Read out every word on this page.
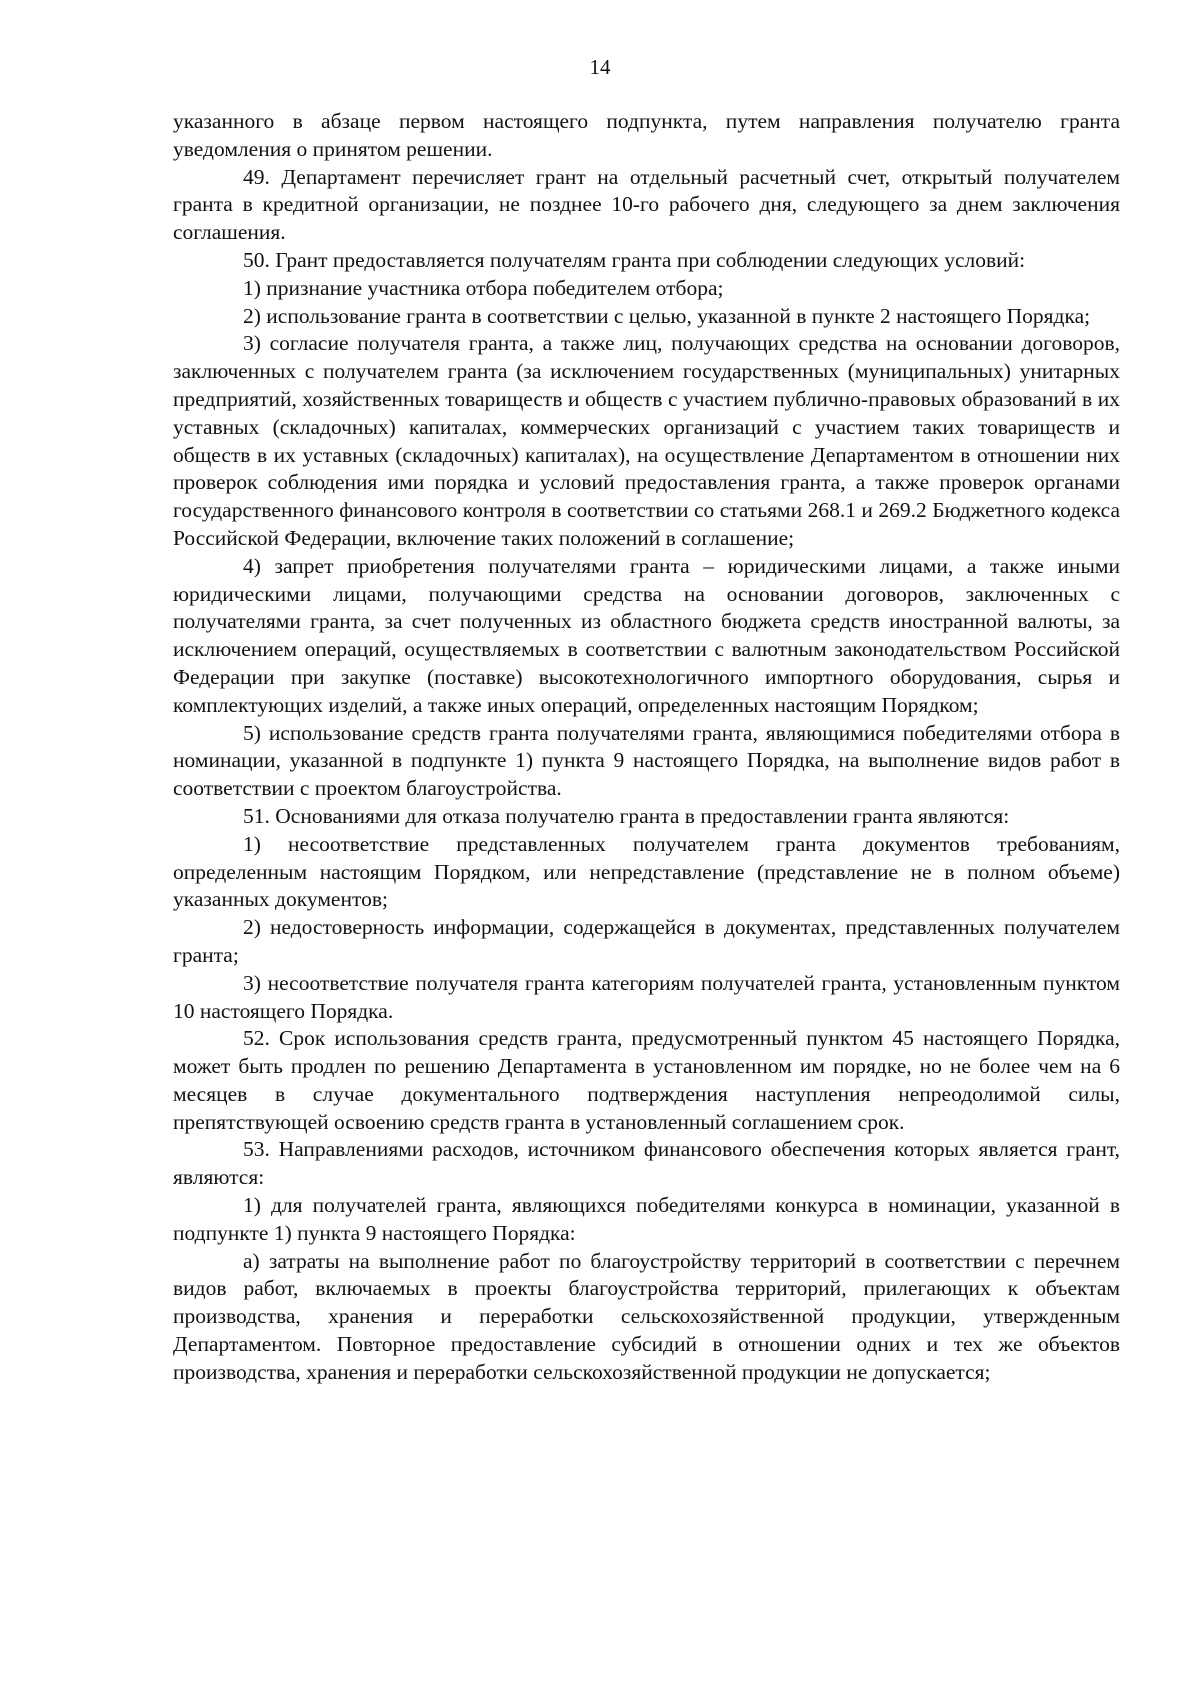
14

указанного в абзаце первом настоящего подпункта, путем направления получателю гранта уведомления о принятом решении.

49. Департамент перечисляет грант на отдельный расчетный счет, открытый получателем гранта в кредитной организации, не позднее 10-го рабочего дня, следующего за днем заключения соглашения.

50. Грант предоставляется получателям гранта при соблюдении следующих условий:

1) признание участника отбора победителем отбора;

2) использование гранта в соответствии с целью, указанной в пункте 2 настоящего Порядка;

3) согласие получателя гранта, а также лиц, получающих средства на основании договоров, заключенных с получателем гранта (за исключением государственных (муниципальных) унитарных предприятий, хозяйственных товариществ и обществ с участием публично-правовых образований в их уставных (складочных) капиталах, коммерческих организаций с участием таких товариществ и обществ в их уставных (складочных) капиталах), на осуществление Департаментом в отношении них проверок соблюдения ими порядка и условий предоставления гранта, а также проверок органами государственного финансового контроля в соответствии со статьями 268.1 и 269.2 Бюджетного кодекса Российской Федерации, включение таких положений в соглашение;

4) запрет приобретения получателями гранта – юридическими лицами, а также иными юридическими лицами, получающими средства на основании договоров, заключенных с получателями гранта, за счет полученных из областного бюджета средств иностранной валюты, за исключением операций, осуществляемых в соответствии с валютным законодательством Российской Федерации при закупке (поставке) высокотехнологичного импортного оборудования, сырья и комплектующих изделий, а также иных операций, определенных настоящим Порядком;

5) использование средств гранта получателями гранта, являющимися победителями отбора в номинации, указанной в подпункте 1) пункта 9 настоящего Порядка, на выполнение видов работ в соответствии с проектом благоустройства.

51. Основаниями для отказа получателю гранта в предоставлении гранта являются:

1) несоответствие представленных получателем гранта документов требованиям, определенным настоящим Порядком, или непредставление (представление не в полном объеме) указанных документов;

2) недостоверность информации, содержащейся в документах, представленных получателем гранта;

3) несоответствие получателя гранта категориям получателей гранта, установленным пунктом 10 настоящего Порядка.

52. Срок использования средств гранта, предусмотренный пунктом 45 настоящего Порядка, может быть продлен по решению Департамента в установленном им порядке, но не более чем на 6 месяцев в случае документального подтверждения наступления непреодолимой силы, препятствующей освоению средств гранта в установленный соглашением срок.

53. Направлениями расходов, источником финансового обеспечения которых является грант, являются:

1) для получателей гранта, являющихся победителями конкурса в номинации, указанной в подпункте 1) пункта 9 настоящего Порядка:

а) затраты на выполнение работ по благоустройству территорий в соответствии с перечнем видов работ, включаемых в проекты благоустройства территорий, прилегающих к объектам производства, хранения и переработки сельскохозяйственной продукции, утвержденным Департаментом. Повторное предоставление субсидий в отношении одних и тех же объектов производства, хранения и переработки сельскохозяйственной продукции не допускается;
